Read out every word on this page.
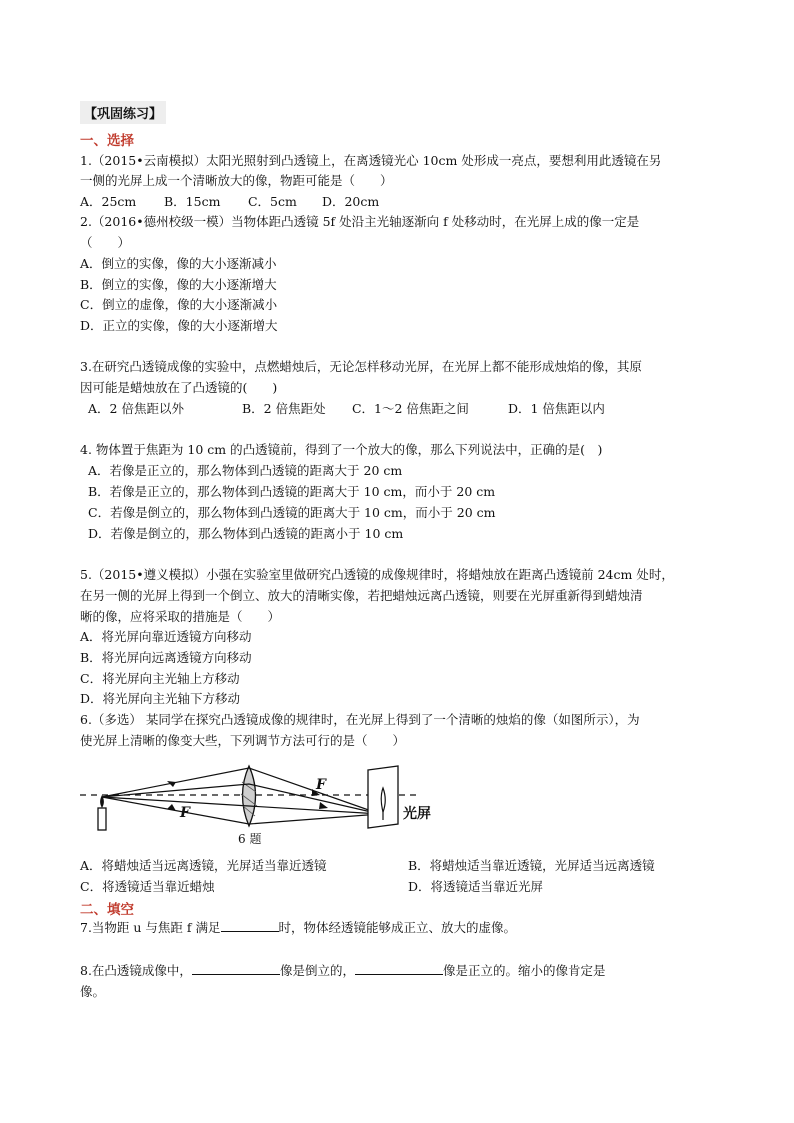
【巩固练习】
一、选择
1.（2015•云南模拟）太阳光照射到凸透镜上，在离透镜光心 10cm 处形成一亮点，要想利用此透镜在另
一侧的光屏上成一个清晰放大的像，物距可能是（　　）
A．25cm B．15cm C．5cm D．20cm
2.（2016•德州校级一模）当物体距凸透镜 5f 处沿主光轴逐渐向 f 处移动时，在光屏上成的像一定是
（　　）
A．倒立的实像，像的大小逐渐减小
B．倒立的实像，像的大小逐渐增大
C．倒立的虚像，像的大小逐渐减小
D．正立的实像，像的大小逐渐增大
3.在研究凸透镜成像的实验中，点燃蜡烛后，无论怎样移动光屏，在光屏上都不能形成烛焰的像，其原
因可能是蜡烛放在了凸透镜的(　　)
A．2 倍焦距以外	B．2 倍焦距处 C．1～2 倍焦距之间	D．1 倍焦距以内
4. 物体置于焦距为 10 cm 的凸透镜前，得到了一个放大的像，那么下列说法中，正确的是(　)
A．若像是正立的，那么物体到凸透镜的距离大于 20 cm
B．若像是正立的，那么物体到凸透镜的距离大于 10 cm，而小于 20 cm
C．若像是倒立的，那么物体到凸透镜的距离大于 10 cm，而小于 20 cm
D．若像是倒立的，那么物体到凸透镜的距离小于 10 cm
5.（2015•遵义模拟）小强在实验室里做研究凸透镜的成像规律时，将蜡烛放在距离凸透镜前 24cm 处时，
在另一侧的光屏上得到一个倒立、放大的清晰实像，若把蜡烛远离凸透镜，则要在光屏重新得到蜡烛清
晰的像，应将采取的措施是（　　）
A．将光屏向靠近透镜方向移动
B．将光屏向远离透镜方向移动
C．将光屏向主光轴上方移动
D．将光屏向主光轴下方移动
6.（多选） 某同学在探究凸透镜成像的规律时，在光屏上得到了一个清晰的烛焰的像（如图所示），为
使光屏上清晰的像变大些，下列调节方法可行的是（　　）
F
F
光屏
6 题
A．将蜡烛适当远离透镜，光屏适当靠近透镜	B．将蜡烛适当靠近透镜，光屏适当远离透镜
C．将透镜适当靠近蜡烛	D．将透镜适当靠近光屏
二、填空
7.当物距 u 与焦距 f 满足	时，物体经透镜能够成正立、放大的虚像。
8.在凸透镜成像中，	像是倒立的，	像是正立的。缩小的像肯定是
像。
